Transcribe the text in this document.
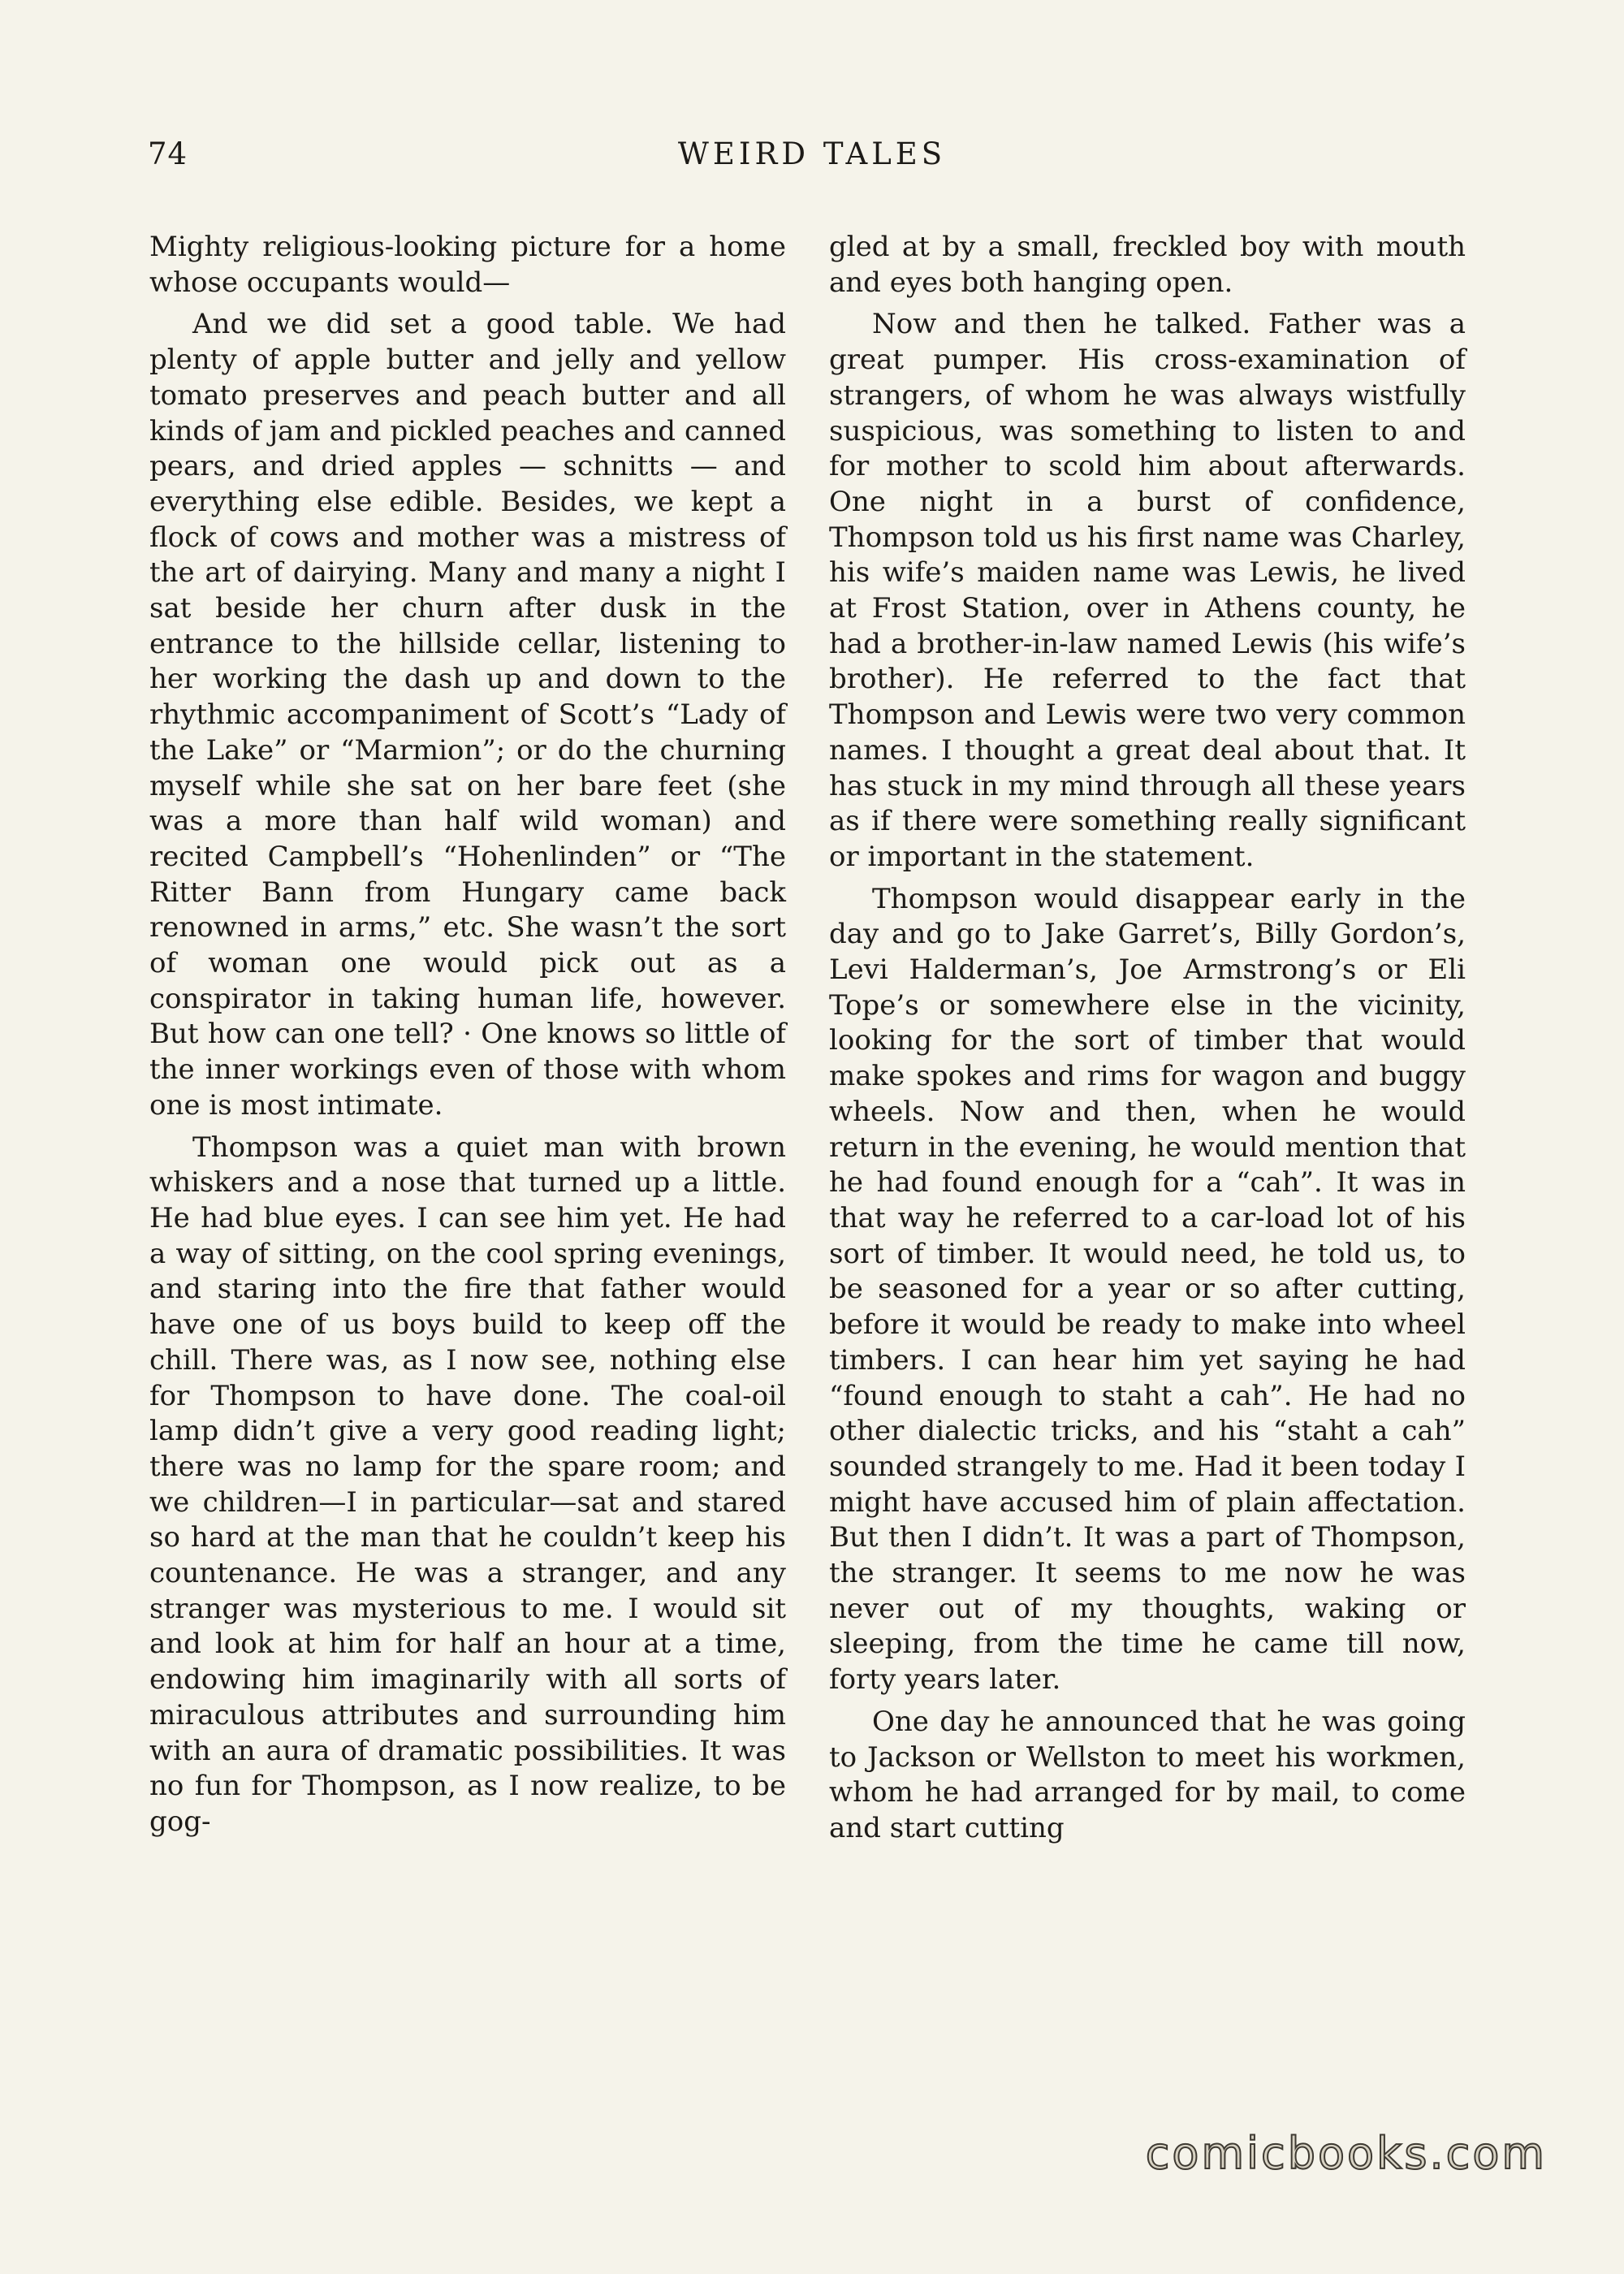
74	WEIRD TALES

Mighty religious-looking picture for a home whose occupants would—

And we did set a good table. We had plenty of apple butter and jelly and yellow tomato preserves and peach butter and all kinds of jam and pickled peaches and canned pears, and dried apples — schnitts — and everything else edible. Besides, we kept a flock of cows and mother was a mistress of the art of dairying. Many and many a night I sat beside her churn after dusk in the entrance to the hillside cellar, listening to her working the dash up and down to the rhythmic accompaniment of Scott’s “Lady of the Lake” or “Marmion”; or do the churning myself while she sat on her bare feet (she was a more than half wild woman) and recited Campbell’s “Hohenlinden” or “The Ritter Bann from Hungary came back renowned in arms,” etc. She wasn’t the sort of woman one would pick out as a conspirator in taking human life, however. But how can one tell? · One knows so little of the inner workings even of those with whom one is most intimate.

Thompson was a quiet man with brown whiskers and a nose that turned up a little. He had blue eyes. I can see him yet. He had a way of sitting, on the cool spring evenings, and staring into the fire that father would have one of us boys build to keep off the chill. There was, as I now see, nothing else for Thompson to have done. The coal-oil lamp didn’t give a very good reading light; there was no lamp for the spare room; and we children—I in particular—sat and stared so hard at the man that he couldn’t keep his countenance. He was a stranger, and any stranger was mysterious to me. I would sit and look at him for half an hour at a time, endowing him imaginarily with all sorts of miraculous attributes and surrounding him with an aura of dramatic possibilities. It was no fun for Thompson, as I now realize, to be gog-

gled at by a small, freckled boy with mouth and eyes both hanging open.

Now and then he talked. Father was a great pumper. His cross-examination of strangers, of whom he was always wistfully suspicious, was something to listen to and for mother to scold him about afterwards. One night in a burst of confidence, Thompson told us his first name was Charley, his wife’s maiden name was Lewis, he lived at Frost Station, over in Athens county, he had a brother-in-law named Lewis (his wife’s brother). He referred to the fact that Thompson and Lewis were two very common names. I thought a great deal about that. It has stuck in my mind through all these years as if there were something really significant or important in the statement.

Thompson would disappear early in the day and go to Jake Garret’s, Billy Gordon’s, Levi Halderman’s, Joe Armstrong’s or Eli Tope’s or somewhere else in the vicinity, looking for the sort of timber that would make spokes and rims for wagon and buggy wheels. Now and then, when he would return in the evening, he would mention that he had found enough for a “cah”. It was in that way he referred to a car-load lot of his sort of timber. It would need, he told us, to be seasoned for a year or so after cutting, before it would be ready to make into wheel timbers. I can hear him yet saying he had “found enough to staht a cah”. He had no other dialectic tricks, and his “staht a cah” sounded strangely to me. Had it been today I might have accused him of plain affectation. But then I didn’t. It was a part of Thompson, the stranger. It seems to me now he was never out of my thoughts, waking or sleeping, from the time he came till now, forty years later.

One day he announced that he was going to Jackson or Wellston to meet his workmen, whom he had arranged for by mail, to come and start cutting

comicbooks.com
